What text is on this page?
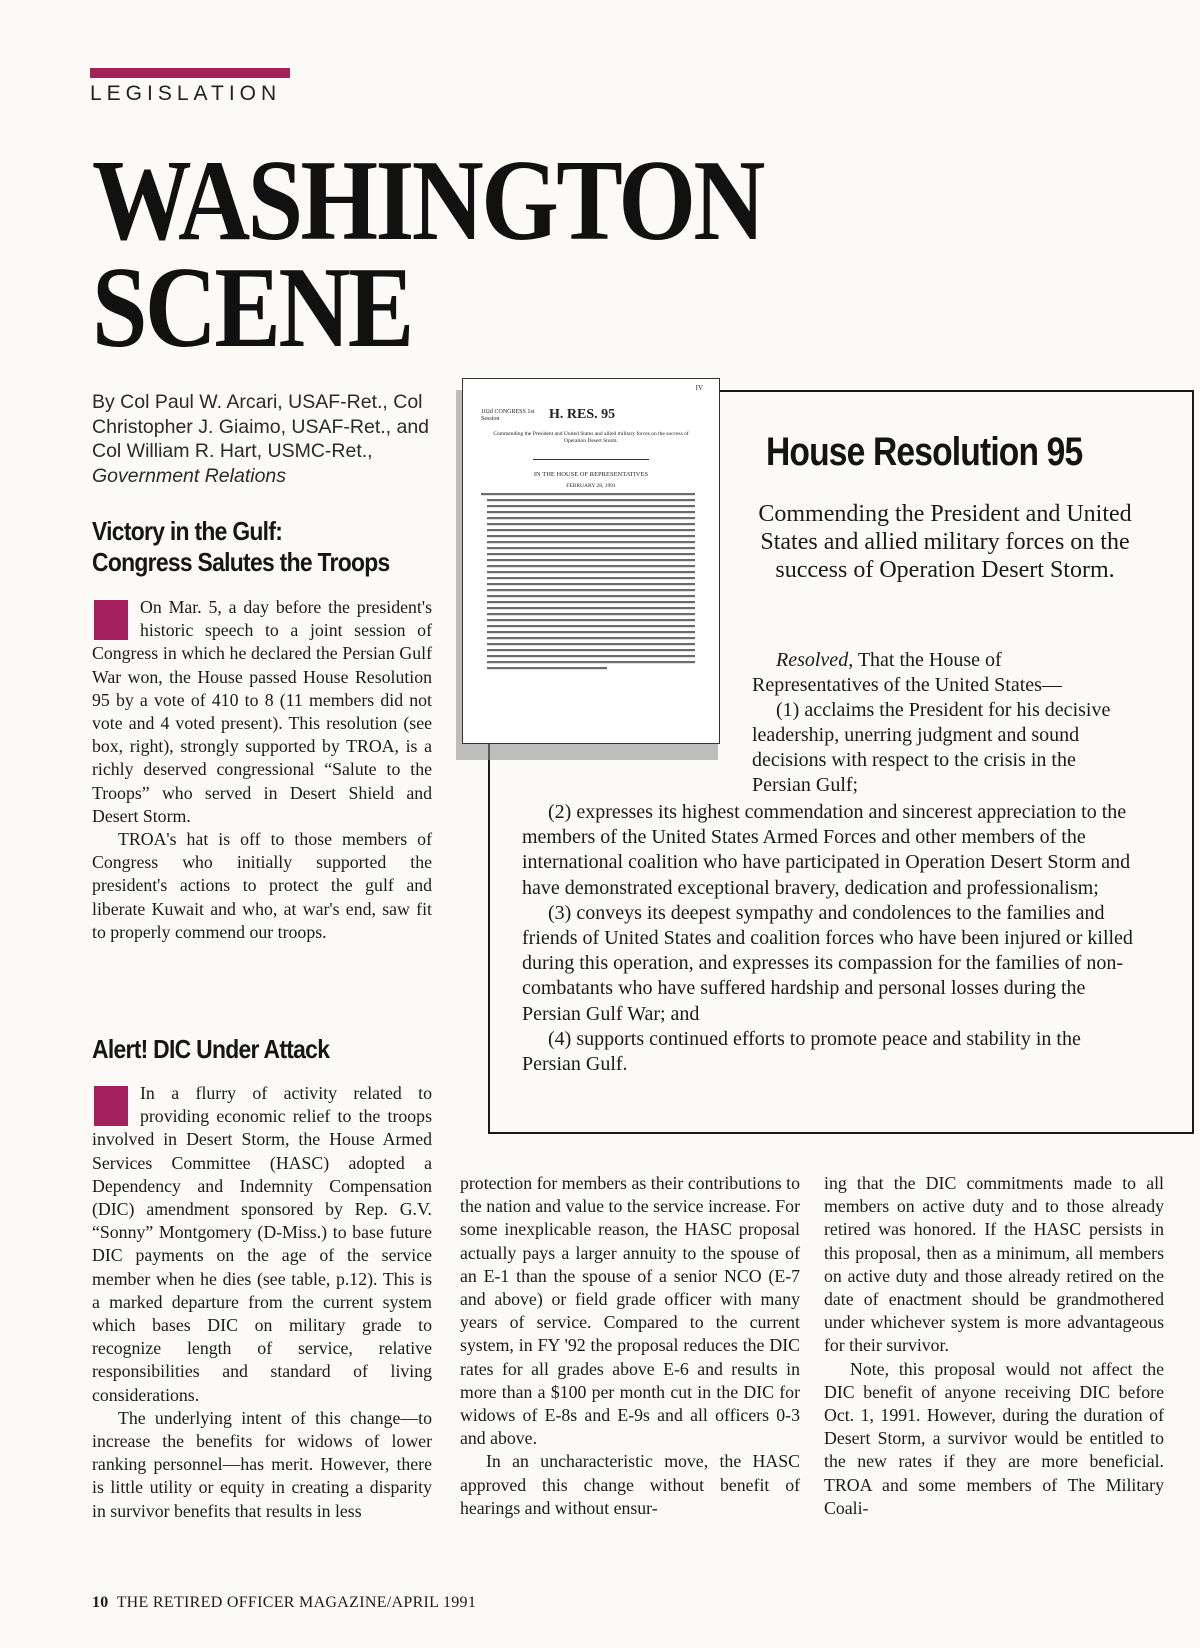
LEGISLATION
WASHINGTON
SCENE
By Col Paul W. Arcari, USAF-Ret., Col Christopher J. Giaimo, USAF-Ret., and Col William R. Hart, USMC-Ret., Government Relations
Victory in the Gulf:
Congress Salutes the Troops

On Mar. 5, a day before the president's historic speech to a joint session of Congress in which he declared the Persian Gulf War won, the House passed House Resolution 95 by a vote of 410 to 8 (11 members did not vote and 4 voted present). This resolution (see box, right), strongly supported by TROA, is a richly deserved congressional “Salute to the Troops” who served in Desert Shield and Desert Storm.

TROA's hat is off to those members of Congress who initially supported the president's actions to protect the gulf and liberate Kuwait and who, at war's end, saw fit to properly commend our troops.

Alert! DIC Under Attack

In a flurry of activity related to providing economic relief to the troops involved in Desert Storm, the House Armed Services Committee (HASC) adopted a Dependency and Indemnity Compensation (DIC) amendment sponsored by Rep. G.V. “Sonny” Montgomery (D-Miss.) to base future DIC payments on the age of the service member when he dies (see table, p.12). This is a marked departure from the current system which bases DIC on military grade to recognize length of service, relative responsibilities and standard of living considerations.

The underlying intent of this change—to increase the benefits for widows of lower ranking personnel—has merit. However, there is little utility or equity in creating a disparity in survivor benefits that results in less

protection for members as their contributions to the nation and value to the service increase. For some inexplicable reason, the HASC proposal actually pays a larger annuity to the spouse of an E-1 than the spouse of a senior NCO (E-7 and above) or field grade officer with many years of service. Compared to the current system, in FY '92 the proposal reduces the DIC rates for all grades above E-6 and results in more than a $100 per month cut in the DIC for widows of E-8s and E-9s and all officers 0-3 and above.

In an uncharacteristic move, the HASC approved this change without benefit of hearings and without ensur-

ing that the DIC commitments made to all members on active duty and to those already retired was honored. If the HASC persists in this proposal, then as a minimum, all members on active duty and those already retired on the date of enactment should be grandmothered under whichever system is more advantageous for their survivor.

Note, this proposal would not affect the DIC benefit of anyone receiving DIC before Oct. 1, 1991. However, during the duration of Desert Storm, a survivor would be entitled to the new rates if they are more beneficial. TROA and some members of The Military Coali-

IV
102d CONGRESS 1st Session	H. RES. 95
Commending the President and United States and allied military forces on the success of Operation Desert Storm.
IN THE HOUSE OF REPRESENTATIVES
FEBRUARY 28, 1991
House Resolution 95
Commending the President and United States and allied military forces on the success of Operation Desert Storm.

Resolved, That the House of Representatives of the United States—

(1) acclaims the President for his decisive leadership, unerring judgment and sound decisions with respect to the crisis in the Persian Gulf;

(2) expresses its highest commendation and sincerest appreciation to the members of the United States Armed Forces and other members of the international coalition who have participated in Operation Desert Storm and have demonstrated exceptional bravery, dedication and professionalism;

(3) conveys its deepest sympathy and condolences to the families and friends of United States and coalition forces who have been injured or killed during this operation, and expresses its compassion for the families of non-combatants who have suffered hardship and personal losses during the Persian Gulf War; and

(4) supports continued efforts to promote peace and stability in the Persian Gulf.

10 THE RETIRED OFFICER MAGAZINE/APRIL 1991
